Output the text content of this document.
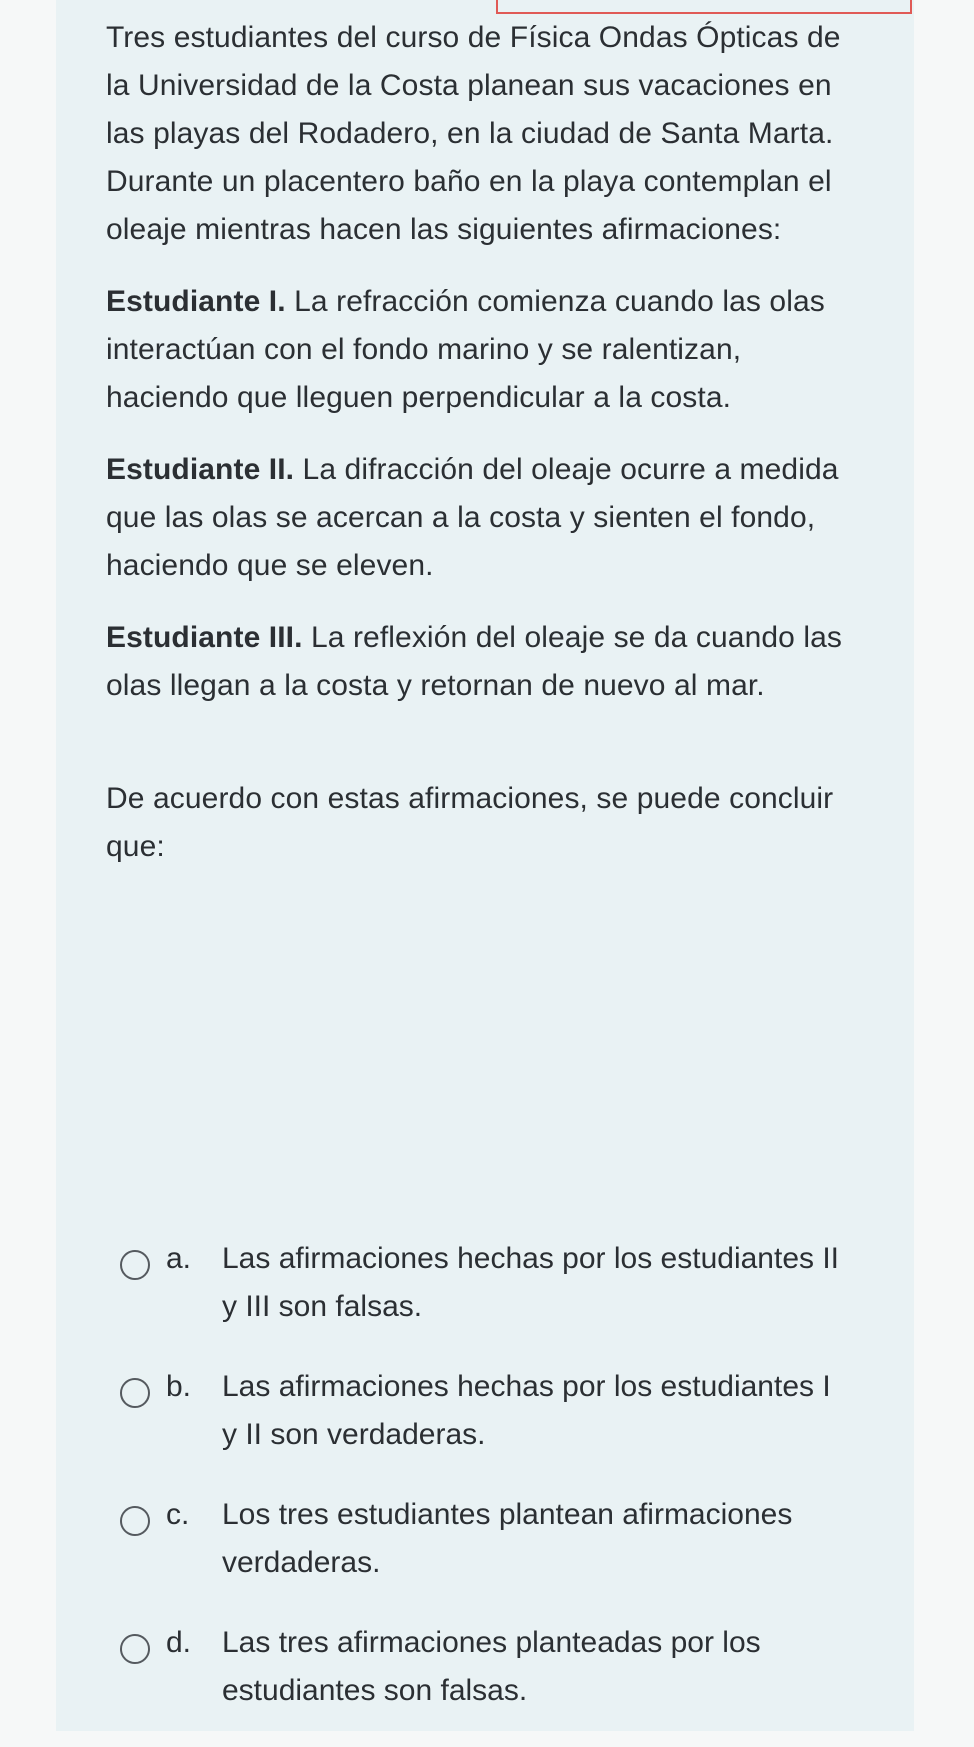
Tres estudiantes del curso de Física Ondas Ópticas de la Universidad de la Costa planean sus vacaciones en las playas del Rodadero, en la ciudad de Santa Marta. Durante un placentero baño en la playa contemplan el oleaje mientras hacen las siguientes afirmaciones:

Estudiante I. La refracción comienza cuando las olas interactúan con el fondo marino y se ralentizan, haciendo que lleguen perpendicular a la costa.

Estudiante II. La difracción del oleaje ocurre a medida que las olas se acercan a la costa y sienten el fondo, haciendo que se eleven.

Estudiante III. La reflexión del oleaje se da cuando las olas llegan a la costa y retornan de nuevo al mar.

De acuerdo con estas afirmaciones, se puede concluir que:

a.	Las afirmaciones hechas por los estudiantes II y III son falsas.
b.	Las afirmaciones hechas por los estudiantes I y II son verdaderas.
c.	Los tres estudiantes plantean afirmaciones verdaderas.
d.	Las tres afirmaciones planteadas por los estudiantes son falsas.
